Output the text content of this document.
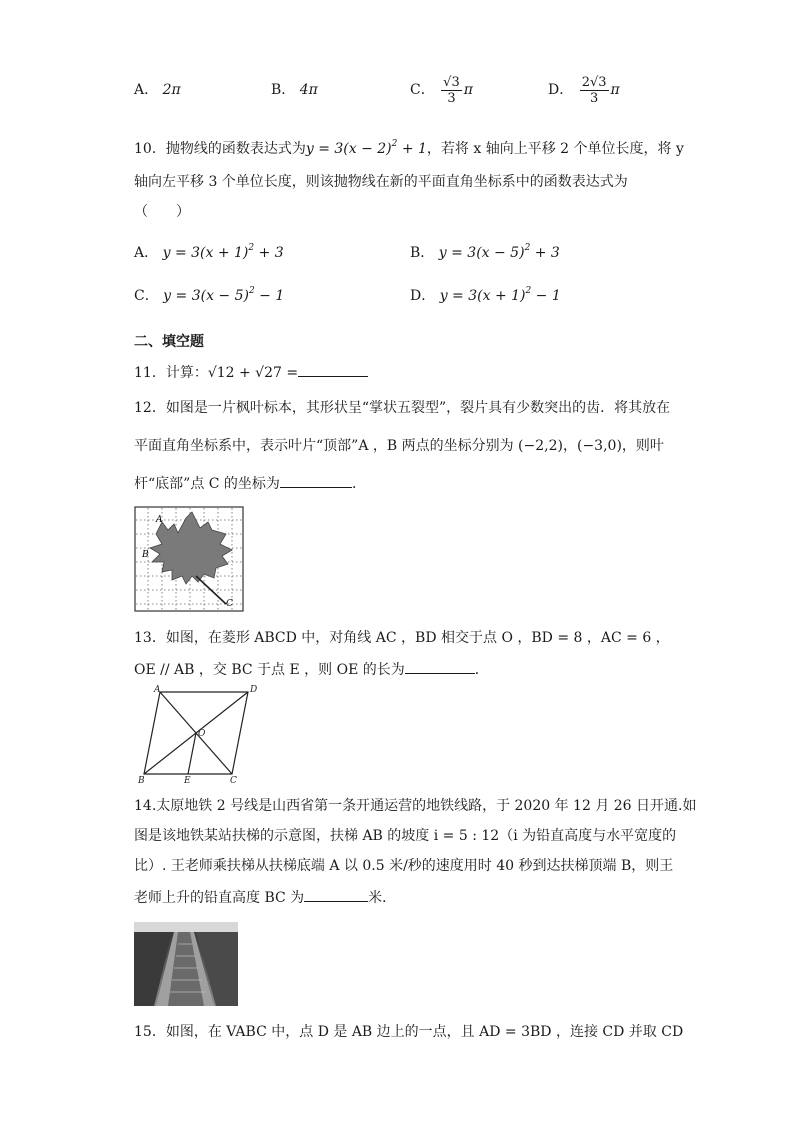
A． 2π	B． 4π	C． $\frac{√3}{3}$ π	D． $\frac{2√3}{3}$ π
10．抛物线的函数表达式为$y = 3(x - 2)^2 + 1$，若将 x 轴向上平移 2 个单位长度，将 y
轴向左平移 3 个单位长度，则该抛物线在新的平面直角坐标系中的函数表达式为
（　　）
A． $y = 3(x + 1)^2 + 3$	B． $y = 3(x - 5)^2 + 3$
C． $y = 3(x - 5)^2 - 1$	D． $y = 3(x + 1)^2 - 1$
二、填空题
11．计算：√12 + √27 =
12．如图是一片枫叶标本，其形状呈“掌状五裂型”，裂片具有少数突出的齿．将其放在
平面直角坐标系中，表示叶片“顶部”A ，B 两点的坐标分别为 (−2,2)，(−3,0)，则叶
杆“底部”点 C 的坐标为	．
A
B
C
13．如图，在菱形 ABCD 中，对角线 AC ，BD 相交于点 O ，BD = 8 ，AC = 6 ，
OE // AB ，交 BC 于点 E ，则 OE 的长为	．
A	D
B	C
E
O
14.太原地铁 2 号线是山西省第一条开通运营的地铁线路，于 2020 年 12 月 26 日开通.如
图是该地铁某站扶梯的示意图，扶梯 AB 的坡度 i = 5 : 12（i 为铅直高度与水平宽度的
比）. 王老师乘扶梯从扶梯底端 A 以 0.5 米/秒的速度用时 40 秒到达扶梯顶端 B，则王
老师上升的铅直高度 BC 为	米．
15．如图，在 VABC 中，点 D 是 AB 边上的一点，且 AD = 3BD ，连接 CD 并取 CD
